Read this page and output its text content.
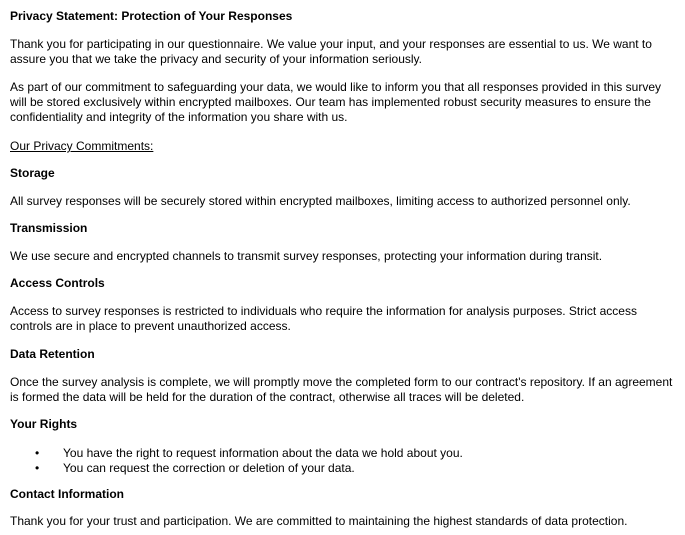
Privacy Statement: Protection of Your Responses

Thank you for participating in our questionnaire. We value your input, and your responses are essential to us. We want to assure you that we take the privacy and security of your information seriously.

As part of our commitment to safeguarding your data, we would like to inform you that all responses provided in this survey will be stored exclusively within encrypted mailboxes. Our team has implemented robust security measures to ensure the confidentiality and integrity of the information you share with us.

Our Privacy Commitments:

Storage

All survey responses will be securely stored within encrypted mailboxes, limiting access to authorized personnel only.

Transmission

We use secure and encrypted channels to transmit survey responses, protecting your information during transit.

Access Controls

Access to survey responses is restricted to individuals who require the information for analysis purposes. Strict access controls are in place to prevent unauthorized access.

Data Retention

Once the survey analysis is complete, we will promptly move the completed form to our contract's repository. If an agreement is formed the data will be held for the duration of the contract, otherwise all traces will be deleted.

Your Rights

• You have the right to request information about the data we hold about you.
• You can request the correction or deletion of your data.

Contact Information

Thank you for your trust and participation. We are committed to maintaining the highest standards of data protection.
